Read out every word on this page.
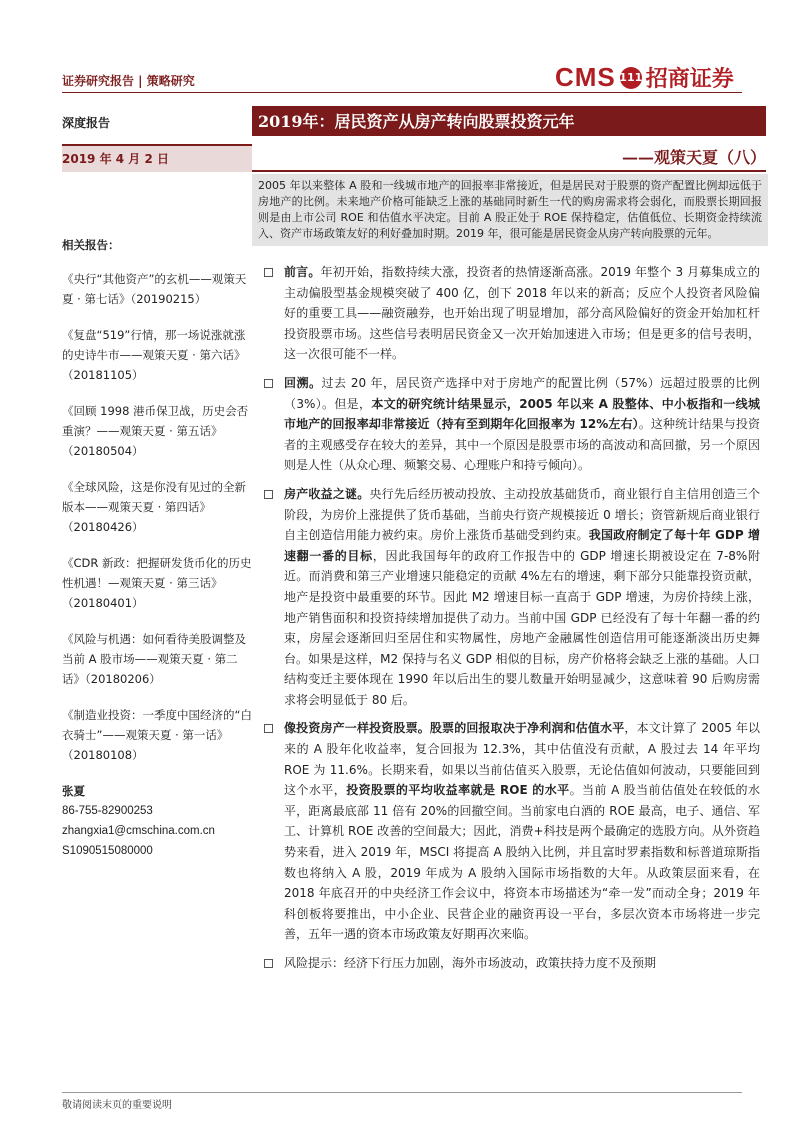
证券研究报告 | 策略研究	CMS 111 招商证券
深度报告	2019年：居民资产从房产转向股票投资元年
2019 年 4 月 2 日	——观策天夏（八）
2005 年以来整体 A 股和一线城市地产的回报率非常接近，但是居民对于股票的资产配置比例却远低于房地产的比例。未来地产价格可能缺乏上涨的基础同时新生一代的购房需求将会弱化，而股票长期回报则是由上市公司 ROE 和估值水平决定。目前 A 股正处于 ROE 保持稳定，估值低位、长期资金持续流入、资产市场政策友好的利好叠加时期。2019 年，很可能是居民资金从房产转向股票的元年。
相关报告：
《央行“其他资产”的玄机——观策天夏 · 第七话》（20190215）
《复盘“519”行情，那一场说涨就涨的史诗牛市——观策天夏 · 第六话》（20181105）
《回顾 1998 港币保卫战，历史会否重演？——观策天夏 · 第五话》（20180504）
《全球风险，这是你没有见过的全新版本——观策天夏 · 第四话》（20180426）
《CDR 新政：把握研发货币化的历史性机遇！—观策天夏 · 第三话》（20180401）
《风险与机遇：如何看待美股调整及当前 A 股市场——观策天夏 · 第二话》（20180206）
《制造业投资：一季度中国经济的“白衣骑士”——观策天夏 · 第一话》（20180108）
张夏
86-755-82900253
zhangxia1@cmschina.com.cn
S1090515080000
前言。年初开始，指数持续大涨，投资者的热情逐渐高涨。2019 年整个 3 月募集成立的主动偏股型基金规模突破了 400 亿，创下 2018 年以来的新高；反应个人投资者风险偏好的重要工具——融资融券，也开始出现了明显增加，部分高风险偏好的资金开始加杠杆投资股票市场。这些信号表明居民资金又一次开始加速进入市场；但是更多的信号表明，这一次很可能不一样。
回溯。过去 20 年，居民资产选择中对于房地产的配置比例（57%）远超过股票的比例（3%）。但是，本文的研究统计结果显示，2005 年以来 A 股整体、中小板指和一线城市地产的回报率却非常接近（持有至到期年化回报率为 12%左右）。这种统计结果与投资者的主观感受存在较大的差异，其中一个原因是股票市场的高波动和高回撤，另一个原因则是人性（从众心理、频繁交易、心理账户和持亏倾向）。
房产收益之谜。央行先后经历被动投放、主动投放基础货币，商业银行自主信用创造三个阶段，为房价上涨提供了货币基础，当前央行资产规模接近 0 增长；资管新规后商业银行自主创造信用能力被约束。房价上涨货币基础受到约束。我国政府制定了每十年 GDP 增速翻一番的目标，因此我国每年的政府工作报告中的 GDP 增速长期被设定在 7-8%附近。而消费和第三产业增速只能稳定的贡献 4%左右的增速，剩下部分只能靠投资贡献，地产是投资中最重要的环节。因此 M2 增速目标一直高于 GDP 增速，为房价持续上涨，地产销售面积和投资持续增加提供了动力。当前中国 GDP 已经没有了每十年翻一番的约束，房屋会逐渐回归至居住和实物属性，房地产金融属性创造信用可能逐渐淡出历史舞台。如果是这样，M2 保持与名义 GDP 相似的目标，房产价格将会缺乏上涨的基础。人口结构变迁主要体现在 1990 年以后出生的婴儿数量开始明显减少，这意味着 90 后购房需求将会明显低于 80 后。
像投资房产一样投资股票。股票的回报取决于净利润和估值水平，本文计算了 2005 年以来的 A 股年化收益率，复合回报为 12.3%，其中估值没有贡献，A 股过去 14 年平均 ROE 为 11.6%。长期来看，如果以当前估值买入股票，无论估值如何波动，只要能回到这个水平，投资股票的平均收益率就是 ROE 的水平。当前 A 股当前估值处在较低的水平，距离最底部 11 倍有 20%的回撤空间。当前家电白酒的 ROE 最高，电子、通信、军工、计算机 ROE 改善的空间最大；因此，消费+科技是两个最确定的选股方向。从外资趋势来看，进入 2019 年，MSCI 将提高 A 股纳入比例，并且富时罗素指数和标普道琼斯指数也将纳入 A 股，2019 年成为 A 股纳入国际市场指数的大年。从政策层面来看，在 2018 年底召开的中央经济工作会议中，将资本市场描述为“牵一发”而动全身；2019 年科创板将要推出，中小企业、民营企业的融资再设一平台，多层次资本市场将进一步完善，五年一遇的资本市场政策友好期再次来临。
风险提示：经济下行压力加剧，海外市场波动，政策扶持力度不及预期
敬请阅读末页的重要说明
